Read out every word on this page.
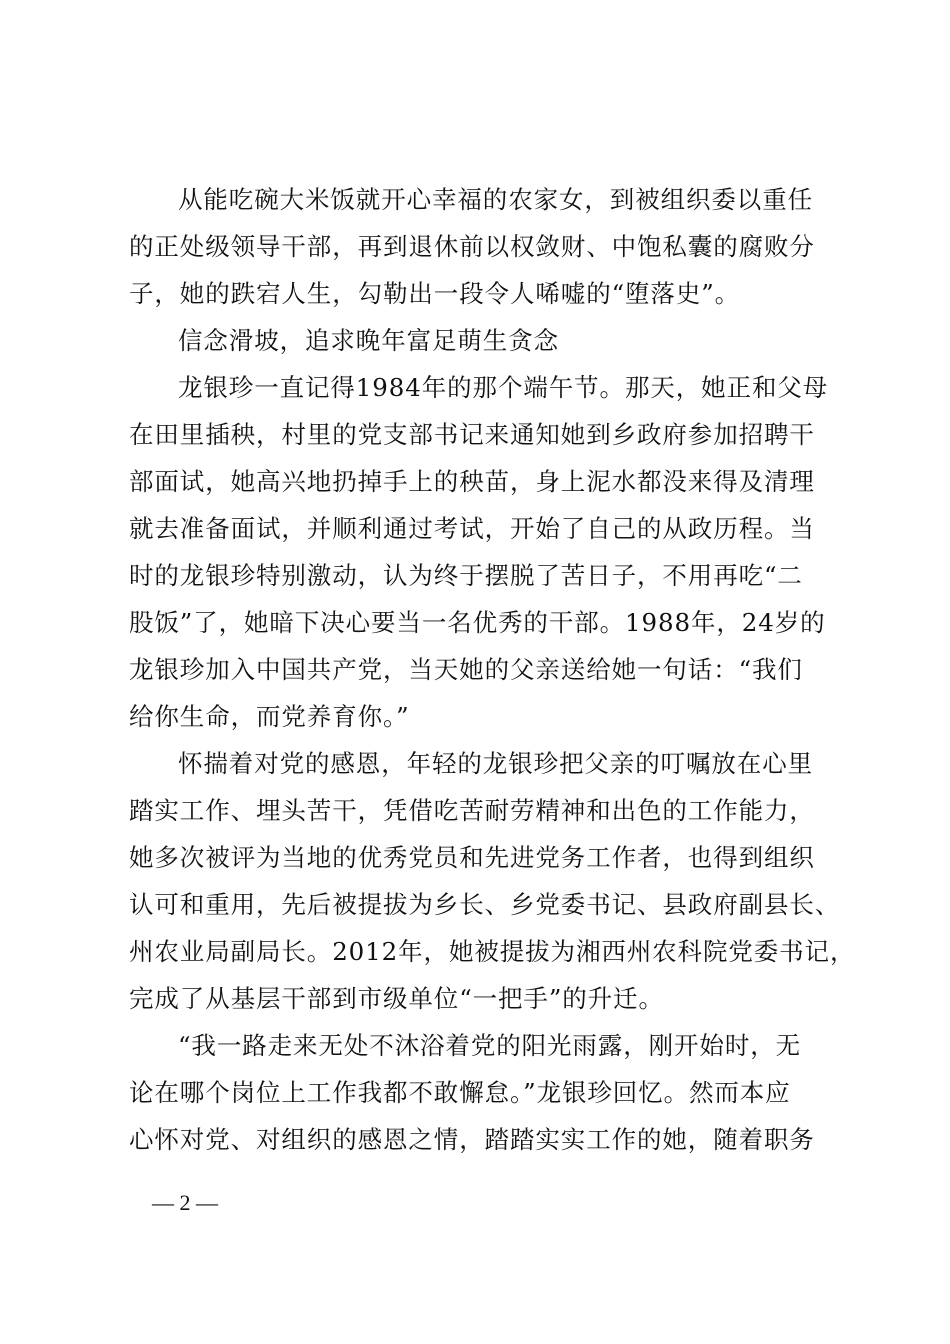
从能吃碗大米饭就开心幸福的农家女，到被组织委以重任
的正处级领导干部，再到退休前以权敛财、中饱私囊的腐败分
子，她的跌宕人生，勾勒出一段令人唏嘘的“堕落史”。
信念滑坡，追求晚年富足萌生贪念
龙银珍一直记得1984年的那个端午节。那天，她正和父母
在田里插秧，村里的党支部书记来通知她到乡政府参加招聘干
部面试，她高兴地扔掉手上的秧苗，身上泥水都没来得及清理
就去准备面试，并顺利通过考试，开始了自己的从政历程。当
时的龙银珍特别激动，认为终于摆脱了苦日子，不用再吃“二
股饭”了，她暗下决心要当一名优秀的干部。1988年，24岁的
龙银珍加入中国共产党，当天她的父亲送给她一句话：“我们
给你生命，而党养育你。”
怀揣着对党的感恩，年轻的龙银珍把父亲的叮嘱放在心里
踏实工作、埋头苦干，凭借吃苦耐劳精神和出色的工作能力，
她多次被评为当地的优秀党员和先进党务工作者，也得到组织
认可和重用，先后被提拔为乡长、乡党委书记、县政府副县长、
州农业局副局长。2012年，她被提拔为湘西州农科院党委书记，
完成了从基层干部到市级单位“一把手”的升迁。
“我一路走来无处不沐浴着党的阳光雨露，刚开始时，无
论在哪个岗位上工作我都不敢懈怠。”龙银珍回忆。然而本应
心怀对党、对组织的感恩之情，踏踏实实工作的她，随着职务
— 2 —
